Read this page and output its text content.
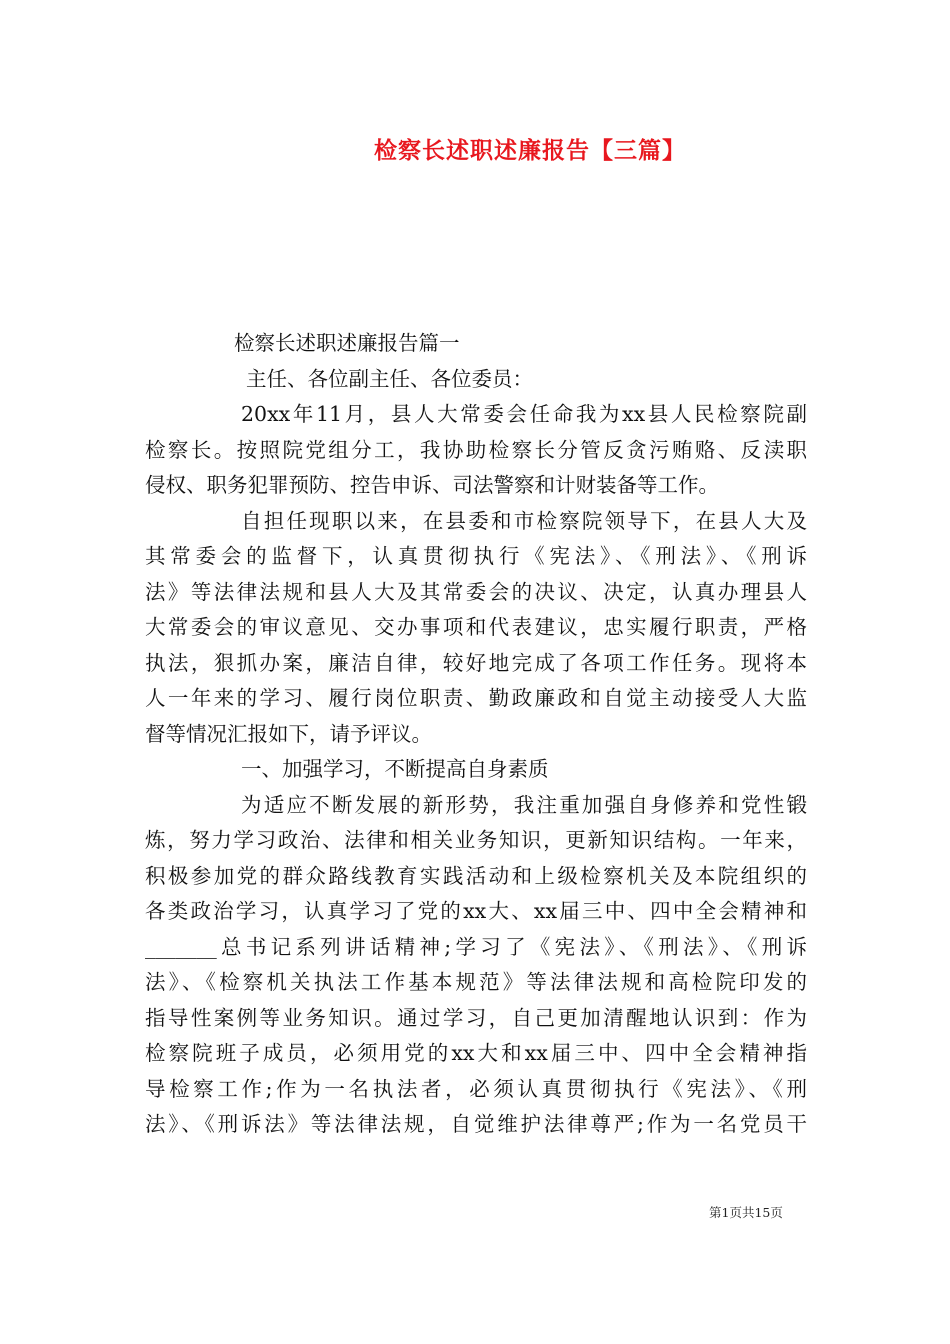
检察长述职述廉报告【三篇】
检察长述职述廉报告篇一
主任、各位副主任、各位委员：
20xx年11月，县人大常委会任命我为xx县人民检察院副
检察长。按照院党组分工，我协助检察长分管反贪污贿赂、反渎职
侵权、职务犯罪预防、控告申诉、司法警察和计财装备等工作。
自担任现职以来，在县委和市检察院领导下，在县人大及
其常委会的监督下，认真贯彻执行《宪法》、《刑法》、《刑诉
法》等法律法规和县人大及其常委会的决议、决定，认真办理县人
大常委会的审议意见、交办事项和代表建议，忠实履行职责，严格
执法，狠抓办案，廉洁自律，较好地完成了各项工作任务。现将本
人一年来的学习、履行岗位职责、勤政廉政和自觉主动接受人大监
督等情况汇报如下，请予评议。
一、加强学习，不断提高自身素质
为适应不断发展的新形势，我注重加强自身修养和党性锻
炼，努力学习政治、法律和相关业务知识，更新知识结构。一年来，
积极参加党的群众路线教育实践活动和上级检察机关及本院组织的
各类政治学习，认真学习了党的xx大、xx届三中、四中全会精神和
_______总书记系列讲话精神;学习了《宪法》、《刑法》、《刑诉
法》、《检察机关执法工作基本规范》等法律法规和高检院印发的
指导性案例等业务知识。通过学习，自己更加清醒地认识到：作为
检察院班子成员，必须用党的xx大和xx届三中、四中全会精神指
导检察工作;作为一名执法者，必须认真贯彻执行《宪法》、《刑
法》、《刑诉法》等法律法规，自觉维护法律尊严;作为一名党员干
第1页共15页
